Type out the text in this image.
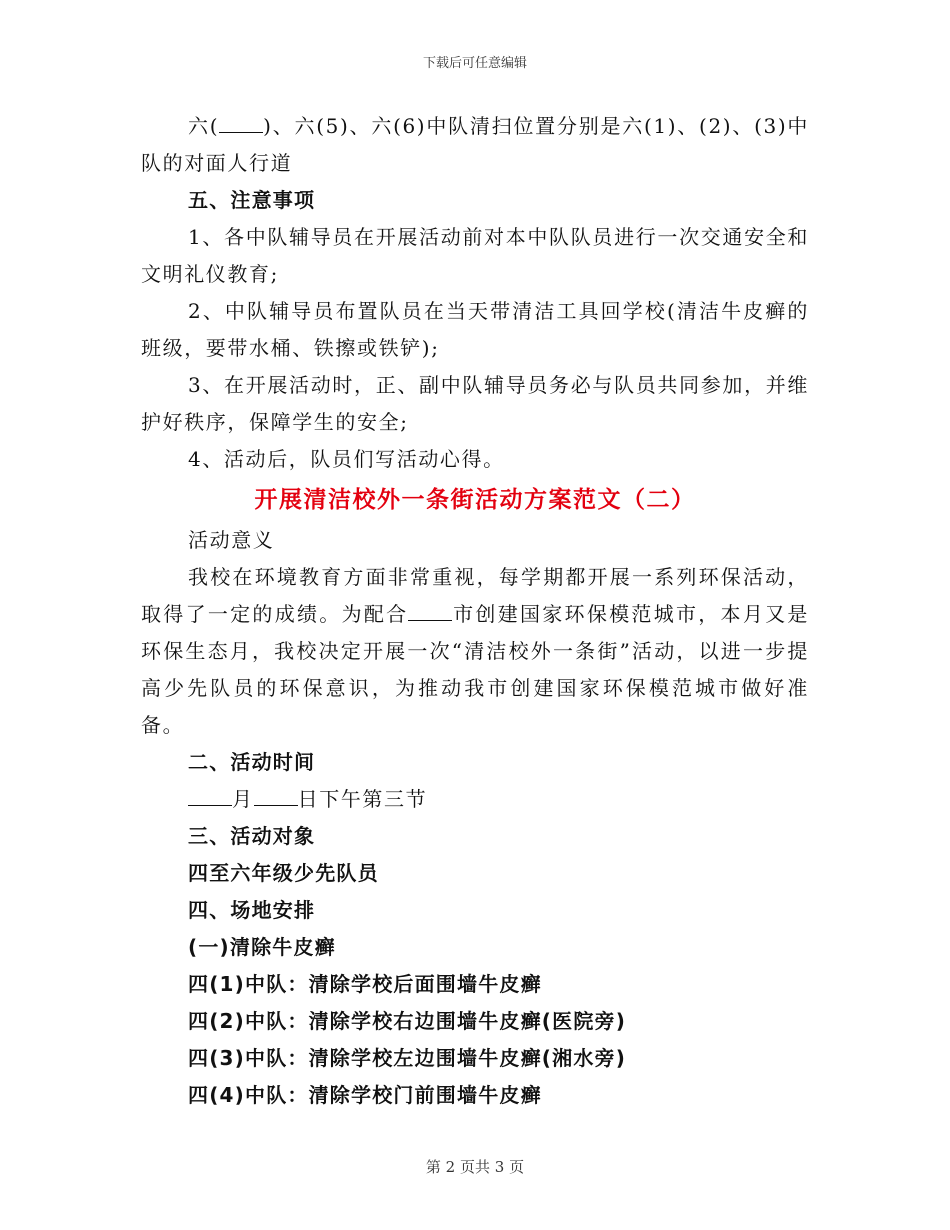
下载后可任意编辑
六( )、六(5)、六(6)中队清扫位置分别是六(1)、(2)、(3)中队的对面人行道
五、注意事项
1、各中队辅导员在开展活动前对本中队队员进行一次交通安全和文明礼仪教育;
2、中队辅导员布置队员在当天带清洁工具回学校(清洁牛皮癣的班级，要带水桶、铁擦或铁铲);
3、在开展活动时，正、副中队辅导员务必与队员共同参加，并维护好秩序，保障学生的安全;
4、活动后，队员们写活动心得。
开展清洁校外一条街活动方案范文（二）
活动意义
我校在环境教育方面非常重视，每学期都开展一系列环保活动，取得了一定的成绩。为配合 市创建国家环保模范城市，本月又是环保生态月，我校决定开展一次“清洁校外一条街”活动，以进一步提高少先队员的环保意识，为推动我市创建国家环保模范城市做好准备。
二、活动时间
月 日下午第三节
三、活动对象
四至六年级少先队员
四、场地安排
(一)清除牛皮癣
四(1)中队：清除学校后面围墙牛皮癣
四(2)中队：清除学校右边围墙牛皮癣(医院旁)
四(3)中队：清除学校左边围墙牛皮癣(湘水旁)
四(4)中队：清除学校门前围墙牛皮癣
第 2 页共 3 页
